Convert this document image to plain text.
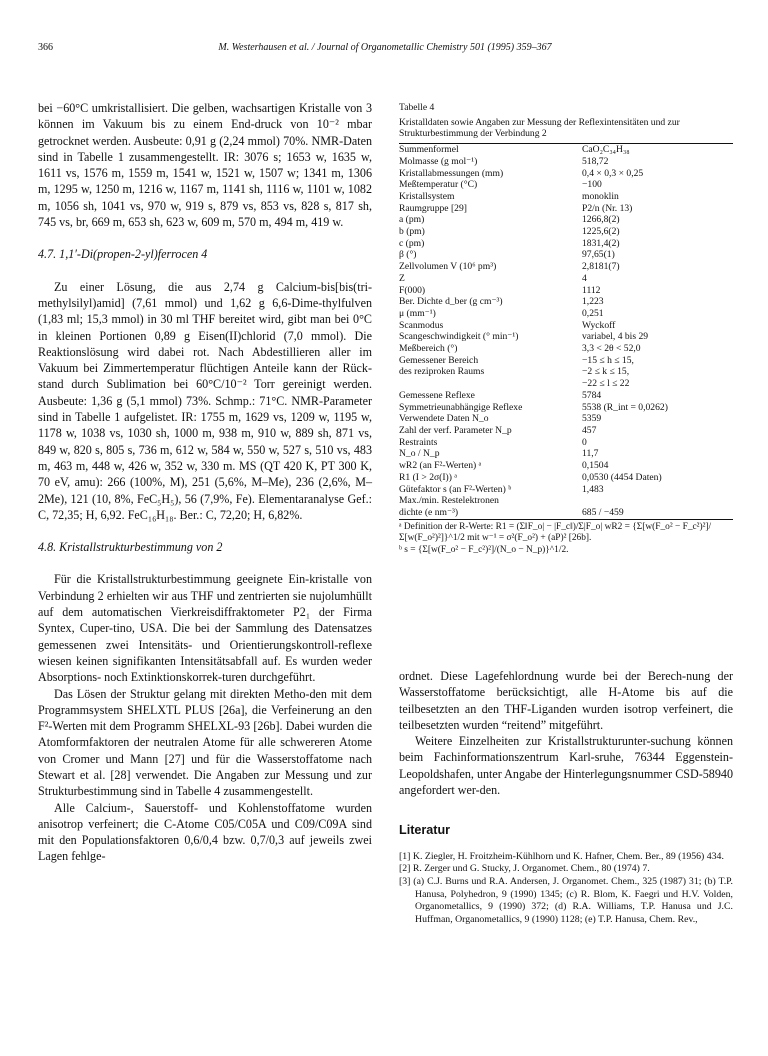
366	M. Westerhausen et al. / Journal of Organometallic Chemistry 501 (1995) 359–367

bei −60°C umkristallisiert. Die gelben, wachsartigen Kristalle von 3 können im Vakuum bis zu einem End-druck von 10⁻² mbar getrocknet werden. Ausbeute: 0,91 g (2,24 mmol) 70%. NMR-Daten sind in Tabelle 1 zusammengestellt. IR: 3076 s; 1653 w, 1635 w, 1611 vs, 1576 m, 1559 m, 1541 w, 1521 w, 1507 w; 1341 m, 1306 m, 1295 w, 1250 m, 1216 w, 1167 m, 1141 sh, 1116 w, 1101 w, 1082 m, 1056 sh, 1041 vs, 970 w, 919 s, 879 vs, 853 vs, 828 s, 817 sh, 745 vs, br, 669 m, 653 sh, 623 w, 609 m, 570 m, 494 m, 419 w.

4.7. 1,1′-Di(propen-2-yl)ferrocen 4

Zu einer Lösung, die aus 2,74 g Calcium-bis[bis(tri-methylsilyl)amid] (7,61 mmol) und 1,62 g 6,6-Dime-thylfulven (1,83 ml; 15,3 mmol) in 30 ml THF bereitet wird, gibt man bei 0°C in kleinen Portionen 0,89 g Eisen(II)chlorid (7,0 mmol). Die Reaktionslösung wird dabei rot. Nach Abdestillieren aller im Vakuum bei Zimmertemperatur flüchtigen Anteile kann der Rück-stand durch Sublimation bei 60°C/10⁻² Torr gereinigt werden. Ausbeute: 1,36 g (5,1 mmol) 73%. Schmp.: 71°C. NMR-Parameter sind in Tabelle 1 aufgelistet. IR: 1755 m, 1629 vs, 1209 w, 1195 w, 1178 w, 1038 vs, 1030 sh, 1000 m, 938 m, 910 w, 889 sh, 871 vs, 849 w, 820 s, 805 s, 736 m, 612 w, 584 w, 550 w, 527 s, 510 vs, 483 m, 463 m, 448 w, 426 w, 352 w, 330 m. MS (QT 420 K, PT 300 K, 70 eV, amu): 266 (100%, M), 251 (5,6%, M–Me), 236 (2,6%, M–2Me), 121 (10, 8%, FeC₅H₅), 56 (7,9%, Fe). Elementaranalyse Gef.: C, 72,35; H, 6,92. FeC₁₆H₁₈. Ber.: C, 72,20; H, 6,82%.

4.8. Kristallstrukturbestimmung von 2

Für die Kristallstrukturbestimmung geeignete Ein-kristalle von Verbindung 2 erhielten wir aus THF und zentrierten sie nujolumhüllt auf dem automatischen Vierkreisdiffraktometer P2₁ der Firma Syntex, Cuper-tino, USA. Die bei der Sammlung des Datensatzes gemessenen zwei Intensitäts- und Orientierungskontroll-reflexe wiesen keinen signifikanten Intensitätsabfall auf. Es wurden weder Absorptions- noch Extinktionskorrek-turen durchgeführt.

Das Lösen der Struktur gelang mit direkten Metho-den mit dem Programmsystem SHELXTL PLUS [26a], die Verfeinerung an den F²-Werten mit dem Programm SHELXL-93 [26b]. Dabei wurden die Atomformfaktoren der neutralen Atome für alle schwereren Atome von Cromer und Mann [27] und für die Wasserstoffatome nach Stewart et al. [28] verwendet. Die Angaben zur Messung und zur Strukturbestimmung sind in Tabelle 4 zusammengestellt.

Alle Calcium-, Sauerstoff- und Kohlenstoffatome wurden anisotrop verfeinert; die C-Atome C05/C05A und C09/C09A sind mit den Populationsfaktoren 0,6/0,4 bzw. 0,7/0,3 auf jeweils zwei Lagen fehlge-

Tabelle 4

Kristalldaten sowie Angaben zur Messung der Reflexintensitäten und zur Strukturbestimmung der Verbindung 2

Summenformel	CaO₂C₃₄H₃₈
Molmasse (g mol⁻¹)	518,72
Kristallabmessungen (mm)	0,4 × 0,3 × 0,25
Meßtemperatur (°C)	−100
Kristallsystem	monoklin
Raumgruppe [29]	P2/n (Nr. 13)
a (pm)	1266,8(2)
b (pm)	1225,6(2)
c (pm)	1831,4(2)
β (°)	97,65(1)
Zellvolumen V (10⁶ pm³)	2,8181(7)
Z	4
F(000)	1112
Ber. Dichte d_ber (g cm⁻³)	1,223
μ (mm⁻¹)	0,251
Scanmodus	Wyckoff
Scangeschwindigkeit (° min⁻¹)	variabel, 4 bis 29
Meßbereich (°)	3,3 < 2θ < 52,0
Gemessener Bereich	−15 ≤ h ≤ 15,
des reziproken Raums	−2 ≤ k ≤ 15,
	−22 ≤ l ≤ 22
Gemessene Reflexe	5784
Symmetrieunabhängige Reflexe	5538 (R_int = 0,0262)
Verwendete Daten N_o	5359
Zahl der verf. Parameter N_p	457
Restraints	0
N_o / N_p	11,7
wR2 (an F²-Werten) ᵃ	0,1504
R1 (I > 2σ(I)) ᵃ	0,0530 (4454 Daten)
Gütefaktor s (an F²-Werten) ᵇ	1,483
Max./min. Restelektronen	
dichte (e nm⁻³)	685 / −459

ᵃ Definition der R-Werte: R1 = (Σ‖F_o| − |F_c‖)/Σ|F_o| wR2 = {Σ[w(F_o² − F_c²)²]/Σ[w(F_o²)²]}^1/2 mit w⁻¹ = σ²(F_o²) + (aP)² [26b].

ᵇ s = {Σ[w(F_o² − F_c²)²]/(N_o − N_p)}^1/2.

ordnet. Diese Lagefehlordnung wurde bei der Berech-nung der Wasserstoffatome berücksichtigt, alle H-Atome bis auf die teilbesetzten an den THF-Liganden wurden isotrop verfeinert, die teilbesetzten wurden “reitend” mitgeführt.

Weitere Einzelheiten zur Kristallstrukturunter-suchung können beim Fachinformationszentrum Karl-sruhe, 76344 Eggenstein-Leopoldshafen, unter Angabe der Hinterlegungsnummer CSD-58940 angefordert wer-den.

Literatur

[1] K. Ziegler, H. Froitzheim-Kühlhorn und K. Hafner, Chem. Ber., 89 (1956) 434.

[2] R. Zerger und G. Stucky, J. Organomet. Chem., 80 (1974) 7.

[3] (a) C.J. Burns und R.A. Andersen, J. Organomet. Chem., 325 (1987) 31; (b) T.P. Hanusa, Polyhedron, 9 (1990) 1345; (c) R. Blom, K. Faegri und H.V. Volden, Organometallics, 9 (1990) 372; (d) R.A. Williams, T.P. Hanusa und J.C. Huffman, Organometallics, 9 (1990) 1128; (e) T.P. Hanusa, Chem. Rev.,
